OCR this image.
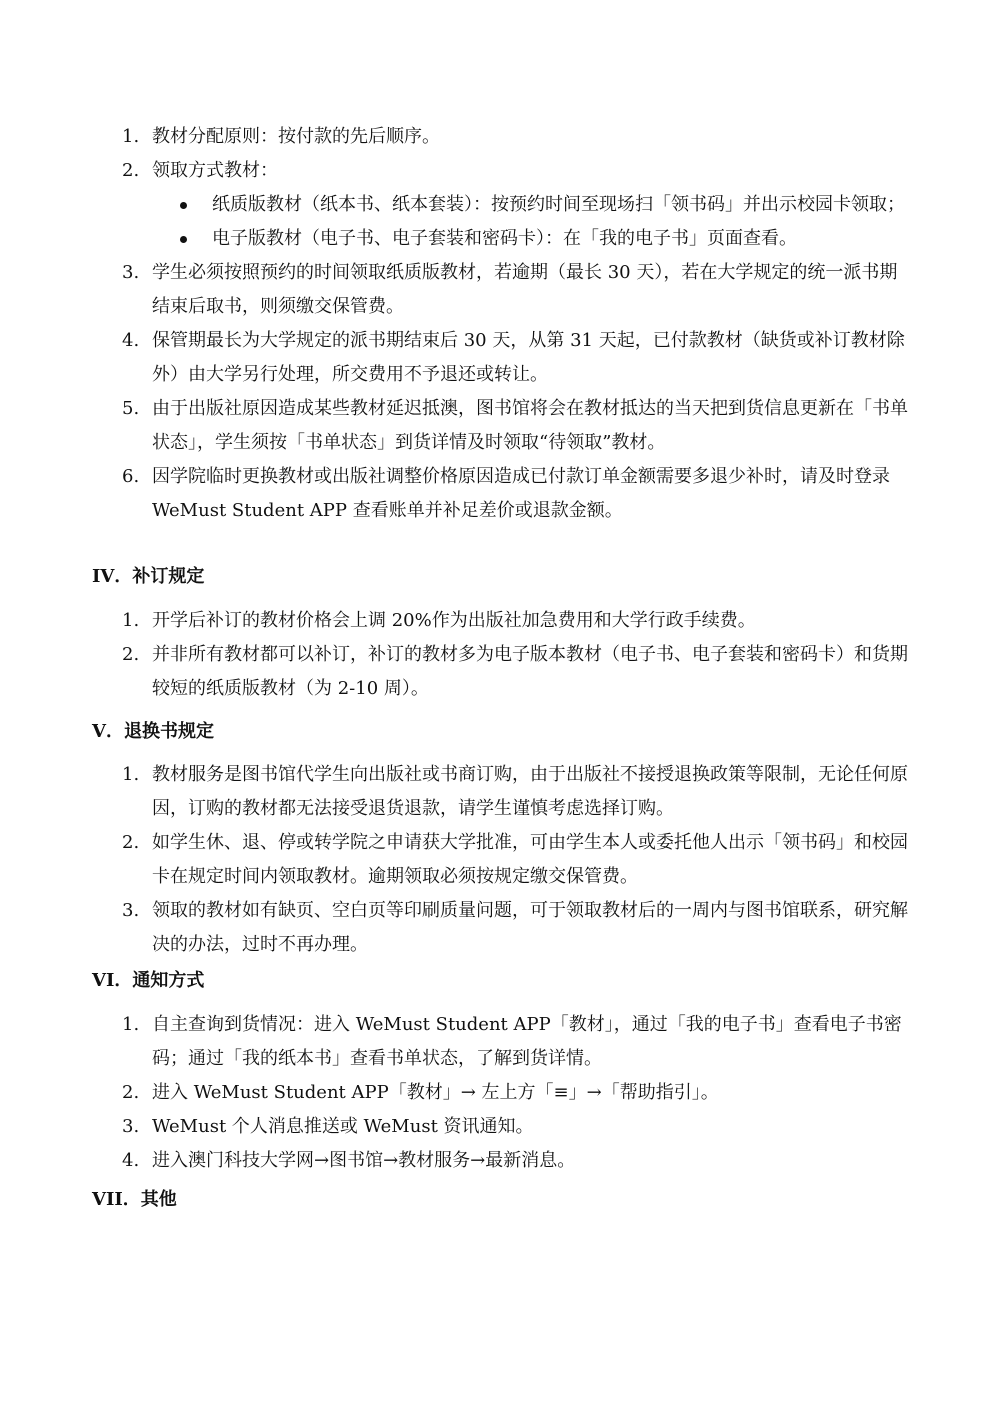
1. 教材分配原则：按付款的先后顺序。
2. 领取方式教材：
纸质版教材（纸本书、纸本套装）：按预约时间至现场扫「领书码」并出示校园卡领取；
电子版教材（电子书、电子套装和密码卡）：在「我的电子书」页面查看。
3. 学生必须按照预约的时间领取纸质版教材，若逾期（最长 30 天），若在大学规定的统一派书期结束后取书，则须缴交保管费。
4. 保管期最长为大学规定的派书期结束后 30 天，从第 31 天起，已付款教材（缺货或补订教材除外）由大学另行处理，所交费用不予退还或转让。
5. 由于出版社原因造成某些教材延迟抵澳，图书馆将会在教材抵达的当天把到货信息更新在「书单状态」，学生须按「书单状态」到货详情及时领取“待领取”教材。
6. 因学院临时更换教材或出版社调整价格原因造成已付款订单金额需要多退少补时，请及时登录 WeMust Student APP 查看账单并补足差价或退款金额。
IV．补订规定
1. 开学后补订的教材价格会上调 20%作为出版社加急费用和大学行政手续费。
2. 并非所有教材都可以补订，补订的教材多为电子版本教材（电子书、电子套装和密码卡）和货期较短的纸质版教材（为 2-10 周）。
V．退换书规定
1. 教材服务是图书馆代学生向出版社或书商订购，由于出版社不接授退换政策等限制，无论任何原因，订购的教材都无法接受退货退款，请学生谨慎考虑选择订购。
2. 如学生休、退、停或转学院之申请获大学批准，可由学生本人或委托他人出示「领书码」和校园卡在规定时间内领取教材。逾期领取必须按规定缴交保管费。
3. 领取的教材如有缺页、空白页等印刷质量问题，可于领取教材后的一周内与图书馆联系，研究解决的办法，过时不再办理。
VI．通知方式
1. 自主查询到货情况：进入 WeMust Student APP「教材」，通过「我的电子书」查看电子书密码；通过「我的纸本书」查看书单状态，了解到货详情。
2. 进入 WeMust Student APP「教材」→ 左上方「≡」→「帮助指引」。
3. WeMust 个人消息推送或 WeMust 资讯通知。
4. 进入澳门科技大学网→图书馆→教材服务→最新消息。
VII．其他
